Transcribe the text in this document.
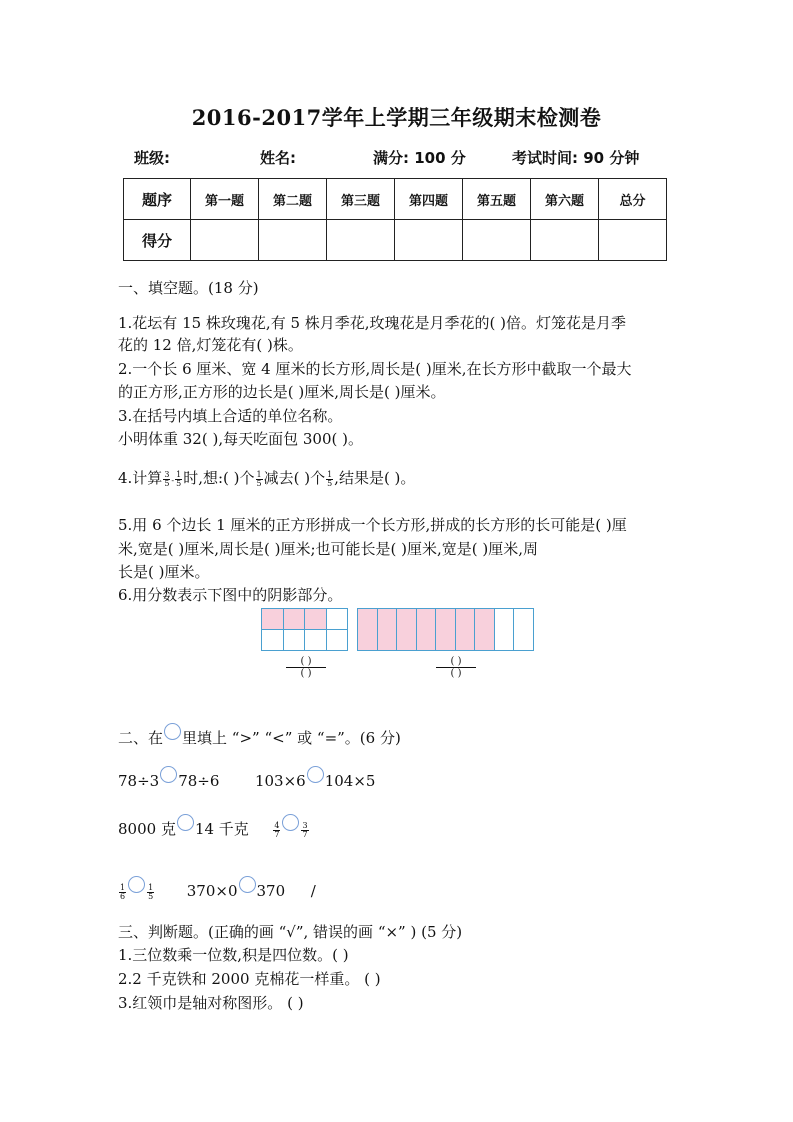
2016-2017学年上学期三年级期末检测卷
班级:	姓名:	满分: 100 分	考试时间: 90 分钟
题序	第一题	第二题	第三题	第四题	第五题	第六题	总分
得分							
一、填空题。(18 分)
1.花坛有 15 株玫瑰花,有 5 株月季花,玫瑰花是月季花的( )倍。灯笼花是月季
花的 12 倍,灯笼花有( )株。
2.一个长 6 厘米、宽 4 厘米的长方形,周长是( )厘米,在长方形中截取一个最大
的正方形,正方形的边长是( )厘米,周长是( )厘米。
3.在括号内填上合适的单位名称。
小明体重 32( ),每天吃面包 300( )。
4.计算 $\frac{3}{5} - \frac{1}{5}$ 时,想:( )个 $\frac{1}{5}$ 减去( )个 $\frac{1}{5}$ ,结果是( )。
5.用 6 个边长 1 厘米的正方形拼成一个长方形,拼成的长方形的长可能是( )厘
米,宽是( )厘米,周长是( )厘米;也可能长是( )厘米,宽是( )厘米,周
长是( )厘米。
6.用分数表示下图中的阴影部分。
( )
( )
( )
( )
二、在 里填上 “>” “<” 或 “=”。(6 分)
78÷3 78÷6 103×6 104×5
8000 克 14 千克	$\frac{4}{7}$	$\frac{3}{7}$
$\frac{1}{6}$	$\frac{1}{5} 370\times 0$ 370 /
三、判断题。(正确的画 “√”, 错误的画 “×” ) (5 分)
1.三位数乘一位数,积是四位数。( )
2.2 千克铁和 2000 克棉花一样重。 ( )
3.红领巾是轴对称图形。 ( )
